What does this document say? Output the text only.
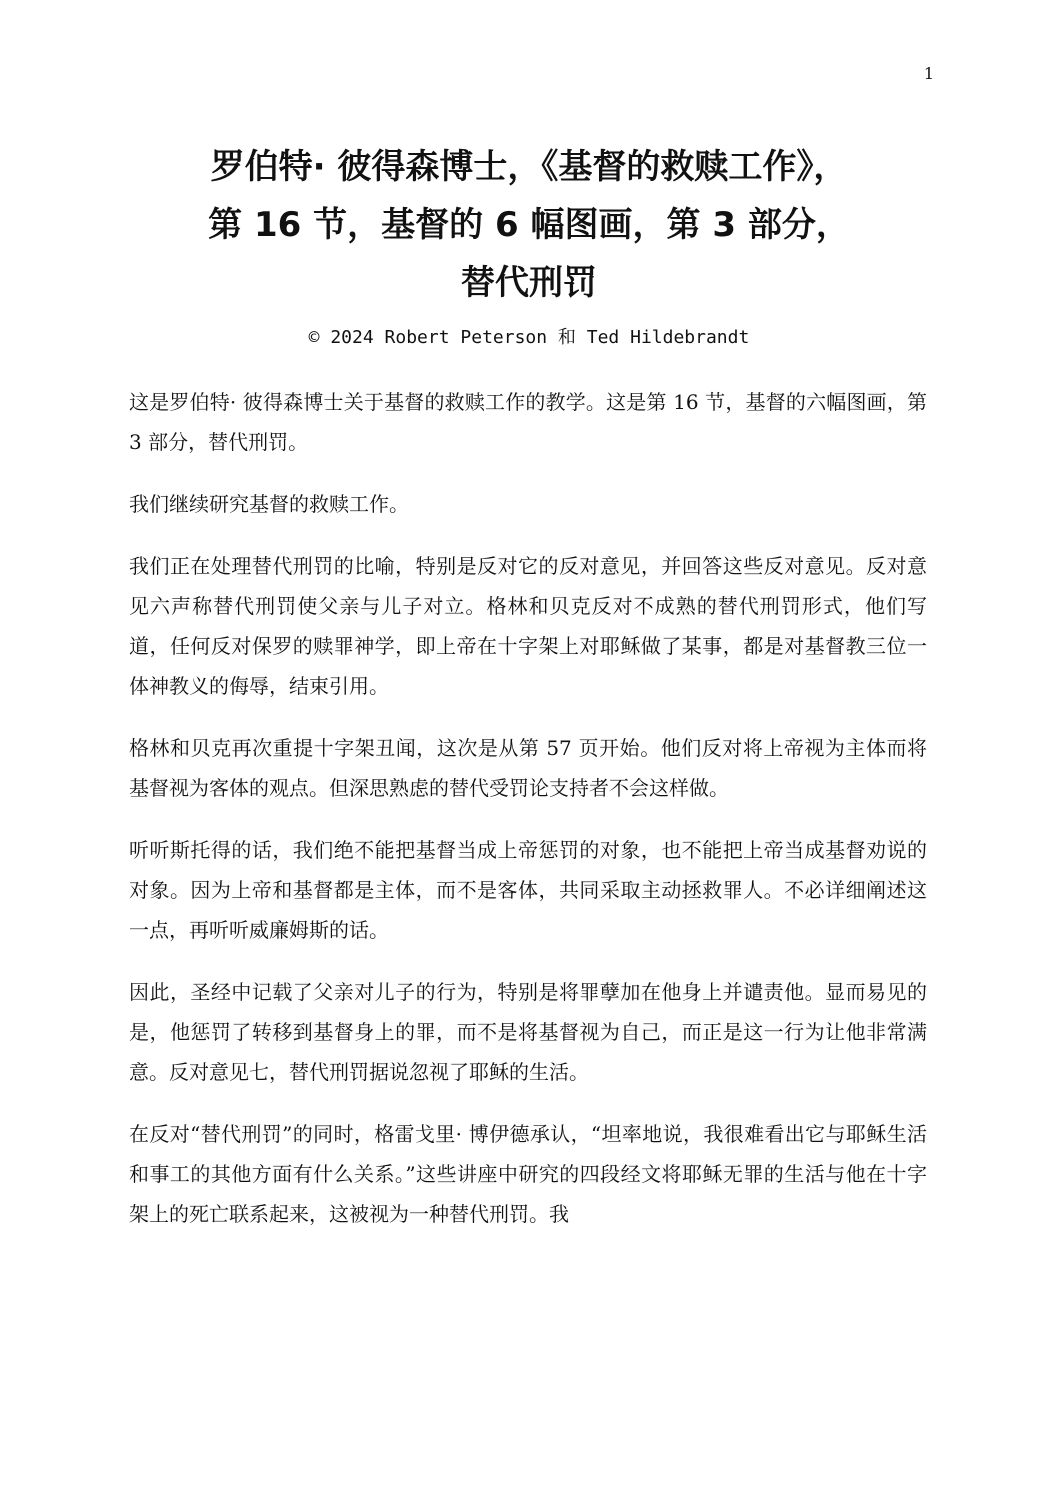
1
罗伯特· 彼得森博士，《基督的救赎工作》，
第 16 节，基督的 6 幅图画，第 3 部分，
替代刑罚
© 2024 Robert Peterson 和 Ted Hildebrandt

这是罗伯特· 彼得森博士关于基督的救赎工作的教学。这是第 16 节，基督的六幅图画，第 3 部分，替代刑罚。

我们继续研究基督的救赎工作。

我们正在处理替代刑罚的比喻，特别是反对它的反对意见，并回答这些反对意见。反对意见六声称替代刑罚使父亲与儿子对立。格林和贝克反对不成熟的替代刑罚形式，他们写道，任何反对保罗的赎罪神学，即上帝在十字架上对耶稣做了某事，都是对基督教三位一体神教义的侮辱，结束引用。

格林和贝克再次重提十字架丑闻，这次是从第 57 页开始。他们反对将上帝视为主体而将基督视为客体的观点。但深思熟虑的替代受罚论支持者不会这样做。

听听斯托得的话，我们绝不能把基督当成上帝惩罚的对象，也不能把上帝当成基督劝说的对象。因为上帝和基督都是主体，而不是客体，共同采取主动拯救罪人。不必详细阐述这一点，再听听威廉姆斯的话。

因此，圣经中记载了父亲对儿子的行为，特别是将罪孽加在他身上并谴责他。显而易见的是，他惩罚了转移到基督身上的罪，而不是将基督视为自己，而正是这一行为让他非常满意。反对意见七，替代刑罚据说忽视了耶稣的生活。

在反对“替代刑罚”的同时，格雷戈里· 博伊德承认，“坦率地说，我很难看出它与耶稣生活和事工的其他方面有什么关系。”这些讲座中研究的四段经文将耶稣无罪的生活与他在十字架上的死亡联系起来，这被视为一种替代刑罚。我
